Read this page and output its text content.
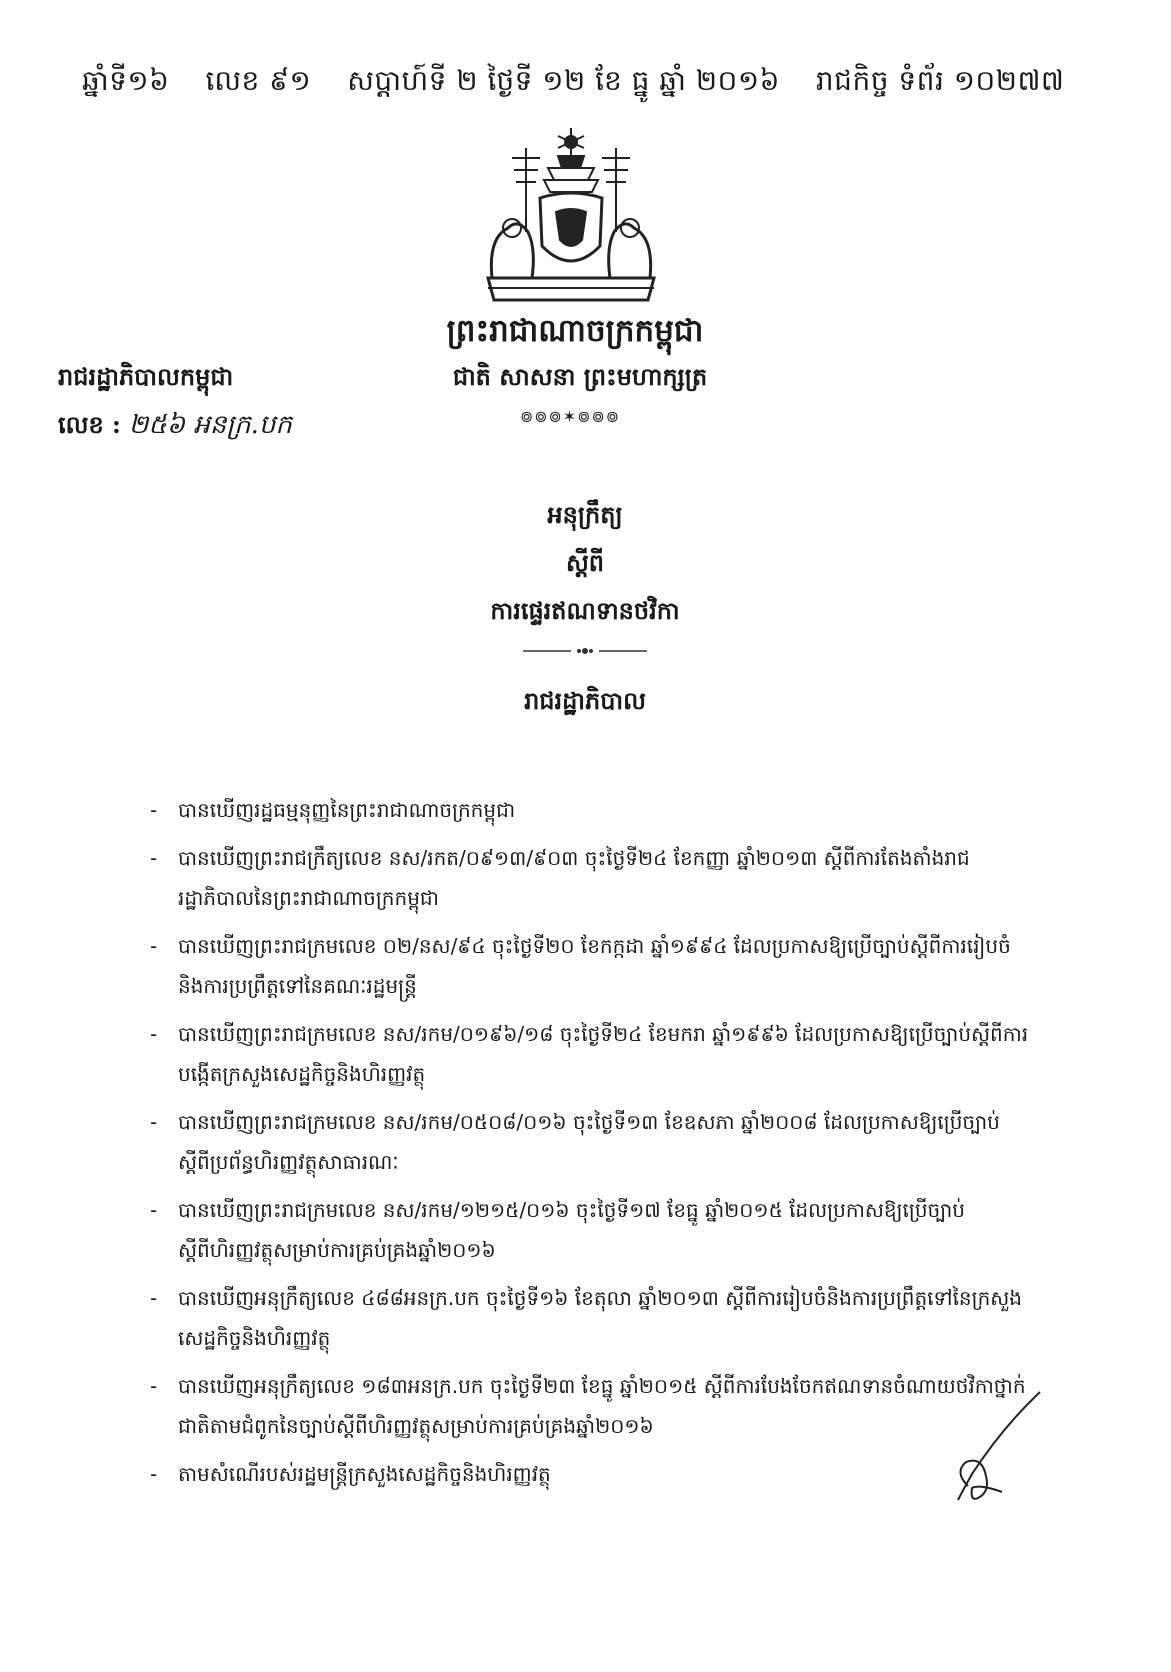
ឆ្នាំទី១៦ លេខ ៩១ សប្តាហ៍ទី ២ ថ្ងៃទី ១២ ខែ ធ្នូ ឆ្នាំ ២០១៦ រាជកិច្ច ទំព័រ ១០២៧៧
ព្រះរាជាណាចក្រកម្ពុជា
ជាតិ សាសនា ព្រះមហាក្សត្រ
៙៙៙✶៙៙៙
រាជរដ្ឋាភិបាលកម្ពុជា
លេខ : ២៥៦ អនក្រ.បក
អនុក្រឹត្យ
ស្តីពី
ការផ្ទេរឥណទានថវិកា
រាជរដ្ឋាភិបាល
- បានឃើញរដ្ឋធម្មនុញ្ញនៃព្រះរាជាណាចក្រកម្ពុជា
- បានឃើញព្រះរាជក្រឹត្យលេខ នស/រកត/០៩១៣/៩០៣ ចុះថ្ងៃទី២៤ ខែកញ្ញា ឆ្នាំ២០១៣ ស្តីពីការតែងតាំងរាជរដ្ឋាភិបាលនៃព្រះរាជាណាចក្រកម្ពុជា
- បានឃើញព្រះរាជក្រមលេខ ០២/នស/៩៤ ចុះថ្ងៃទី២០ ខែកក្កដា ឆ្នាំ១៩៩៤ ដែលប្រកាសឱ្យប្រើច្បាប់ស្តីពីការរៀបចំនិងការប្រព្រឹត្តទៅនៃគណៈរដ្ឋមន្ត្រី
- បានឃើញព្រះរាជក្រមលេខ នស/រកម/០១៩៦/១៨ ចុះថ្ងៃទី២៤ ខែមករា ឆ្នាំ១៩៩៦ ដែលប្រកាសឱ្យប្រើច្បាប់ស្តីពីការបង្កើតក្រសួងសេដ្ឋកិច្ចនិងហិរញ្ញវត្ថុ
- បានឃើញព្រះរាជក្រមលេខ នស/រកម/០៥០៨/០១៦ ចុះថ្ងៃទី១៣ ខែឧសភា ឆ្នាំ២០០៨ ដែលប្រកាសឱ្យប្រើច្បាប់ស្តីពីប្រព័ន្ធហិរញ្ញវត្ថុសាធារណៈ
- បានឃើញព្រះរាជក្រមលេខ នស/រកម/១២១៥/០១៦ ចុះថ្ងៃទី១៧ ខែធ្នូ ឆ្នាំ២០១៥ ដែលប្រកាសឱ្យប្រើច្បាប់ស្តីពីហិរញ្ញវត្ថុសម្រាប់ការគ្រប់គ្រងឆ្នាំ២០១៦
- បានឃើញអនុក្រឹត្យលេខ ៤៨៨អនក្រ.បក ចុះថ្ងៃទី១៦ ខែតុលា ឆ្នាំ២០១៣ ស្តីពីការរៀបចំនិងការប្រព្រឹត្តទៅនៃក្រសួងសេដ្ឋកិច្ចនិងហិរញ្ញវត្ថុ
- បានឃើញអនុក្រឹត្យលេខ ១៨៣អនក្រ.បក ចុះថ្ងៃទី២៣ ខែធ្នូ ឆ្នាំ២០១៥ ស្តីពីការបែងចែកឥណទានចំណាយថវិកាថ្នាក់ជាតិតាមជំពូកនៃច្បាប់ស្តីពីហិរញ្ញវត្ថុសម្រាប់ការគ្រប់គ្រងឆ្នាំ២០១៦
- តាមសំណើរបស់រដ្ឋមន្ត្រីក្រសួងសេដ្ឋកិច្ចនិងហិរញ្ញវត្ថុ
